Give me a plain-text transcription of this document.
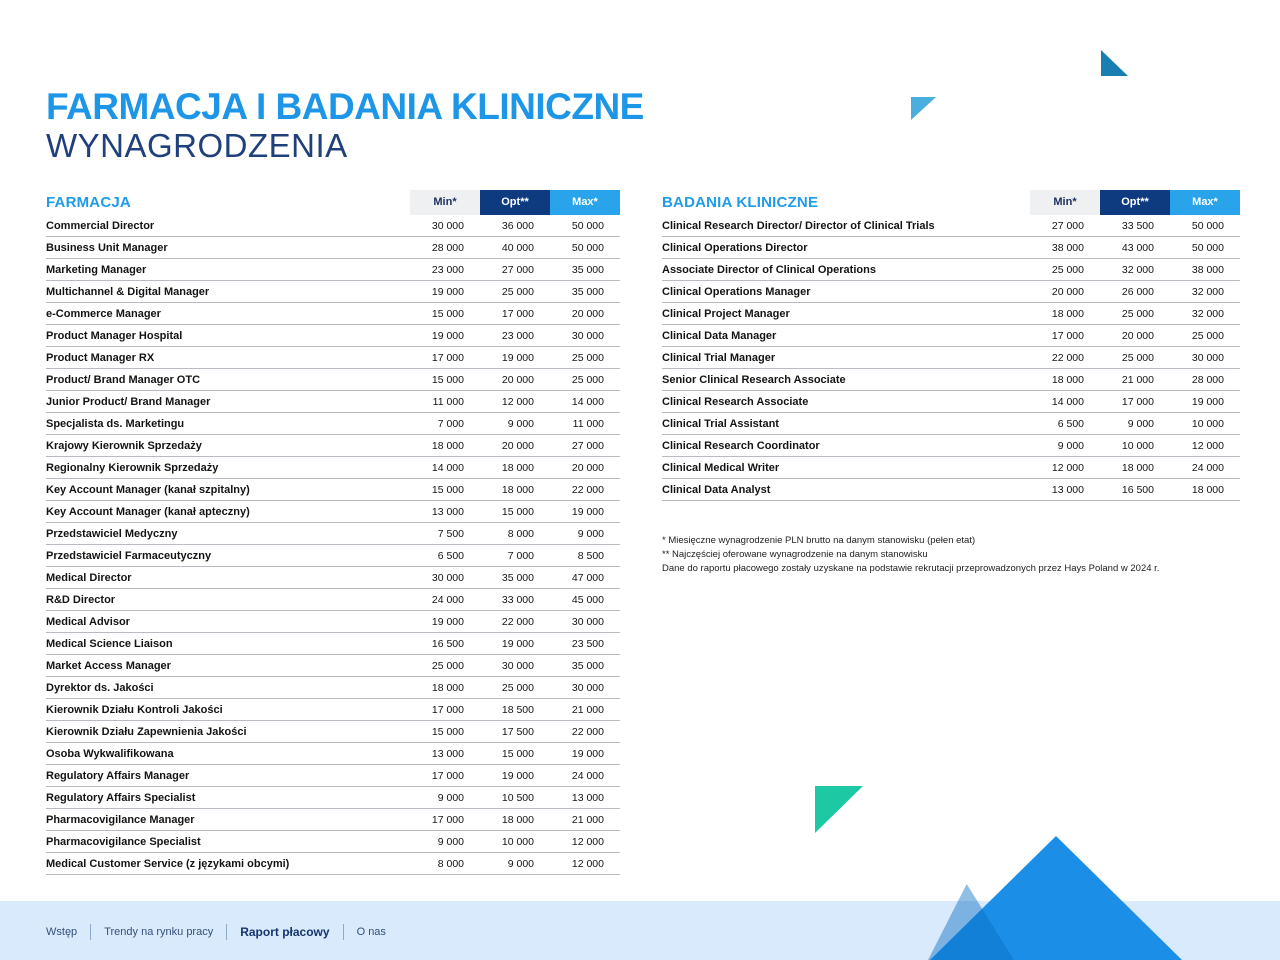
FARMACJA I BADANIA KLINICZNE
WYNAGRODZENIA
FARMACJA	Min*	Opt**	Max*
Commercial Director	30 000	36 000	50 000
Business Unit Manager	28 000	40 000	50 000
Marketing Manager	23 000	27 000	35 000
Multichannel & Digital Manager	19 000	25 000	35 000
e-Commerce Manager	15 000	17 000	20 000
Product Manager Hospital	19 000	23 000	30 000
Product Manager RX	17 000	19 000	25 000
Product/ Brand Manager OTC	15 000	20 000	25 000
Junior Product/ Brand Manager	11 000	12 000	14 000
Specjalista ds. Marketingu	7 000	9 000	11 000
Krajowy Kierownik Sprzedaży	18 000	20 000	27 000
Regionalny Kierownik Sprzedaży	14 000	18 000	20 000
Key Account Manager (kanał szpitalny)	15 000	18 000	22 000
Key Account Manager (kanał apteczny)	13 000	15 000	19 000
Przedstawiciel Medyczny	7 500	8 000	9 000
Przedstawiciel Farmaceutyczny	6 500	7 000	8 500
Medical Director	30 000	35 000	47 000
R&D Director	24 000	33 000	45 000
Medical Advisor	19 000	22 000	30 000
Medical Science Liaison	16 500	19 000	23 500
Market Access Manager	25 000	30 000	35 000
Dyrektor ds. Jakości	18 000	25 000	30 000
Kierownik Działu Kontroli Jakości	17 000	18 500	21 000
Kierownik Działu Zapewnienia Jakości	15 000	17 500	22 000
Osoba Wykwalifikowana	13 000	15 000	19 000
Regulatory Affairs Manager	17 000	19 000	24 000
Regulatory Affairs Specialist	9 000	10 500	13 000
Pharmacovigilance Manager	17 000	18 000	21 000
Pharmacovigilance Specialist	9 000	10 000	12 000
Medical Customer Service (z językami obcymi)	8 000	9 000	12 000
BADANIA KLINICZNE	Min*	Opt**	Max*
Clinical Research Director/ Director of Clinical Trials	27 000	33 500	50 000
Clinical Operations Director	38 000	43 000	50 000
Associate Director of Clinical Operations	25 000	32 000	38 000
Clinical Operations Manager	20 000	26 000	32 000
Clinical Project Manager	18 000	25 000	32 000
Clinical Data Manager	17 000	20 000	25 000
Clinical Trial Manager	22 000	25 000	30 000
Senior Clinical Research Associate	18 000	21 000	28 000
Clinical Research Associate	14 000	17 000	19 000
Clinical Trial Assistant	6 500	9 000	10 000
Clinical Research Coordinator	9 000	10 000	12 000
Clinical Medical Writer	12 000	18 000	24 000
Clinical Data Analyst	13 000	16 500	18 000

* Miesięczne wynagrodzenie PLN brutto na danym stanowisku (pełen etat)

** Najczęściej oferowane wynagrodzenie na danym stanowisku

Dane do raportu płacowego zostały uzyskane na podstawie rekrutacji przeprowadzonych przez Hays Poland w 2024 r.

Wstęp	Trendy na rynku pracy	Raport płacowy	O nas
